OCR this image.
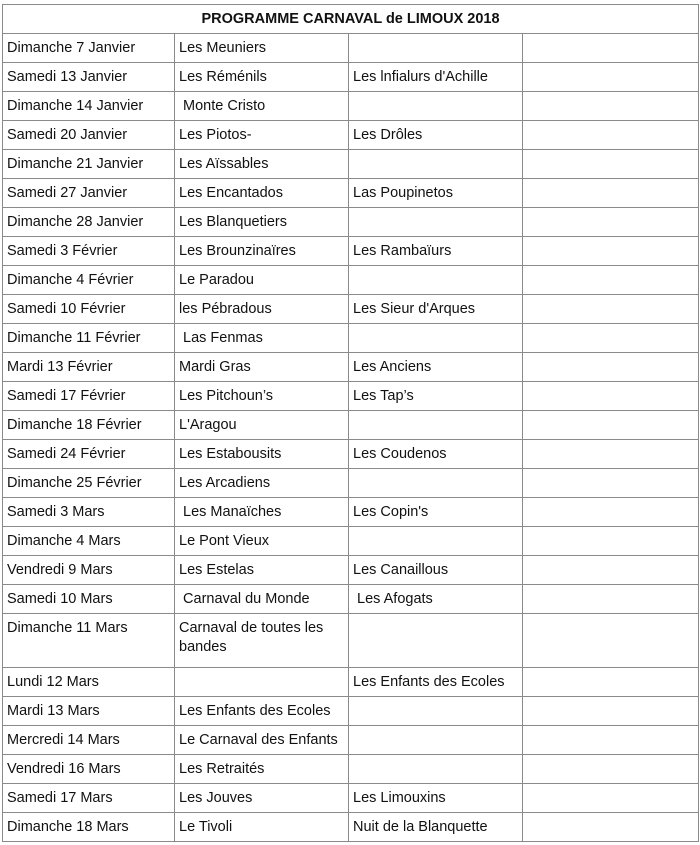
PROGRAMME CARNAVAL de LIMOUX 2018			
Dimanche 7 Janvier	Les Meuniers		
Samedi 13 Janvier	Les Réménils	Les lnfialurs d'Achille	
Dimanche 14 Janvier	Monte Cristo		
Samedi 20 Janvier	Les Piotos-	Les Drôles	
Dimanche 21 Janvier	Les Aïssables		
Samedi 27 Janvier	Les Encantados	Las Poupinetos	
Dimanche 28 Janvier	Les Blanquetiers		
Samedi 3 Février	Les Brounzinaïres	Les Rambaïurs	
Dimanche 4 Février	Le Paradou		
Samedi 10 Février	les Pébradous	Les Sieur d'Arques	
Dimanche 11 Février	Las Fenmas		
Mardi 13 Février	Mardi Gras	Les Anciens	
Samedi 17 Février	Les Pitchoun’s	Les Tap’s	
Dimanche 18 Février	L'Aragou		
Samedi 24 Février	Les Estabousits	Les Coudenos	
Dimanche 25 Février	Les Arcadiens		
Samedi 3 Mars	Les Manaïches	Les Copin's	
Dimanche 4 Mars	Le Pont Vieux		
Vendredi 9 Mars	Les Estelas	Les Canaillous	
Samedi 10 Mars	Carnaval du Monde	Les Afogats	
Dimanche 11 Mars	Carnaval de toutes les bandes		
Lundi 12 Mars		Les Enfants des Ecoles	
Mardi 13 Mars	Les Enfants des Ecoles		
Mercredi 14 Mars	Le Carnaval des Enfants		
Vendredi 16 Mars	Les Retraités		
Samedi 17 Mars	Les Jouves	Les Limouxins	
Dimanche 18 Mars	Le Tivoli	Nuit de la Blanquette	
